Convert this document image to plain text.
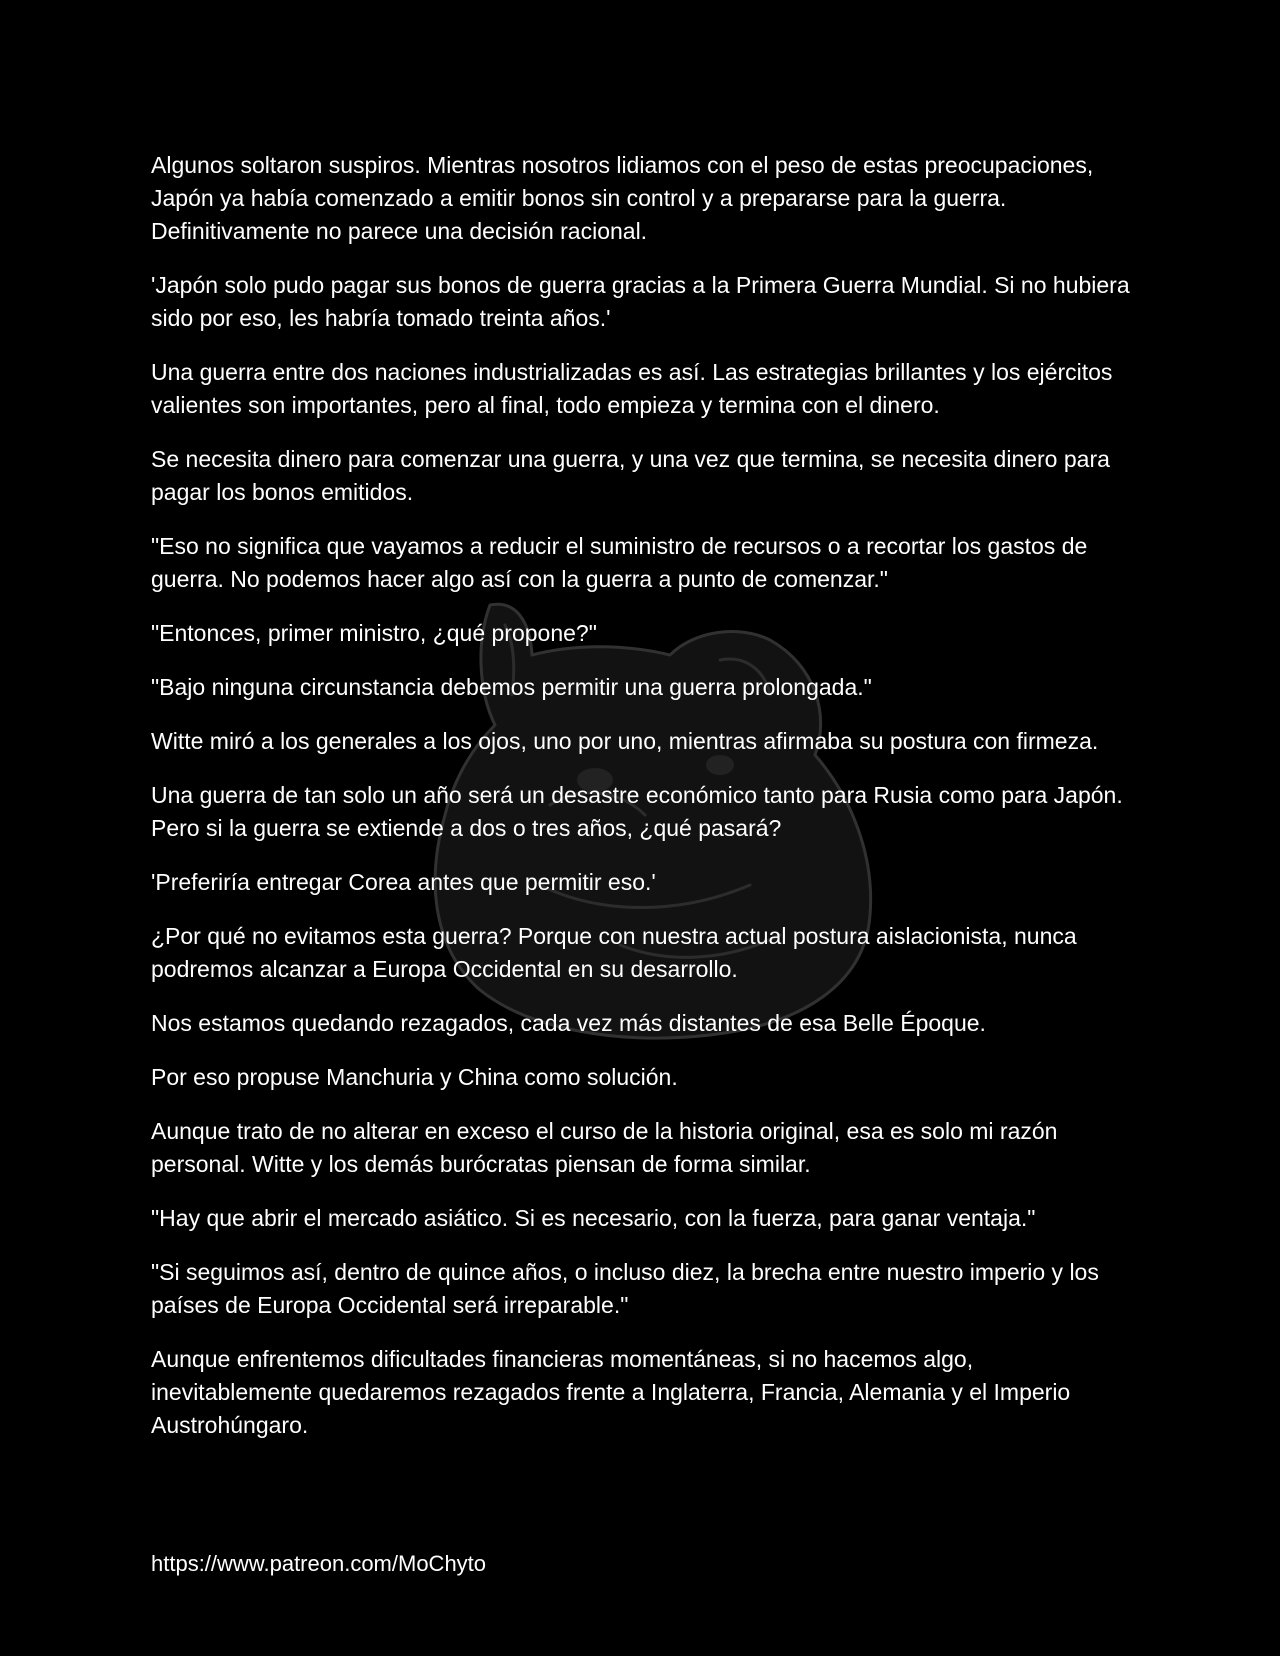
Algunos soltaron suspiros. Mientras nosotros lidiamos con el peso de estas preocupaciones, Japón ya había comenzado a emitir bonos sin control y a prepararse para la guerra. Definitivamente no parece una decisión racional.

'Japón solo pudo pagar sus bonos de guerra gracias a la Primera Guerra Mundial. Si no hubiera sido por eso, les habría tomado treinta años.'

Una guerra entre dos naciones industrializadas es así. Las estrategias brillantes y los ejércitos valientes son importantes, pero al final, todo empieza y termina con el dinero.

Se necesita dinero para comenzar una guerra, y una vez que termina, se necesita dinero para pagar los bonos emitidos.

"Eso no significa que vayamos a reducir el suministro de recursos o a recortar los gastos de guerra. No podemos hacer algo así con la guerra a punto de comenzar."

"Entonces, primer ministro, ¿qué propone?"

"Bajo ninguna circunstancia debemos permitir una guerra prolongada."

Witte miró a los generales a los ojos, uno por uno, mientras afirmaba su postura con firmeza.

Una guerra de tan solo un año será un desastre económico tanto para Rusia como para Japón. Pero si la guerra se extiende a dos o tres años, ¿qué pasará?

'Preferiría entregar Corea antes que permitir eso.'

¿Por qué no evitamos esta guerra? Porque con nuestra actual postura aislacionista, nunca podremos alcanzar a Europa Occidental en su desarrollo.

Nos estamos quedando rezagados, cada vez más distantes de esa Belle Époque.

Por eso propuse Manchuria y China como solución.

Aunque trato de no alterar en exceso el curso de la historia original, esa es solo mi razón personal. Witte y los demás burócratas piensan de forma similar.

"Hay que abrir el mercado asiático. Si es necesario, con la fuerza, para ganar ventaja."

"Si seguimos así, dentro de quince años, o incluso diez, la brecha entre nuestro imperio y los países de Europa Occidental será irreparable."

Aunque enfrentemos dificultades financieras momentáneas, si no hacemos algo, inevitablemente quedaremos rezagados frente a Inglaterra, Francia, Alemania y el Imperio Austrohúngaro.

https://www.patreon.com/MoChyto
